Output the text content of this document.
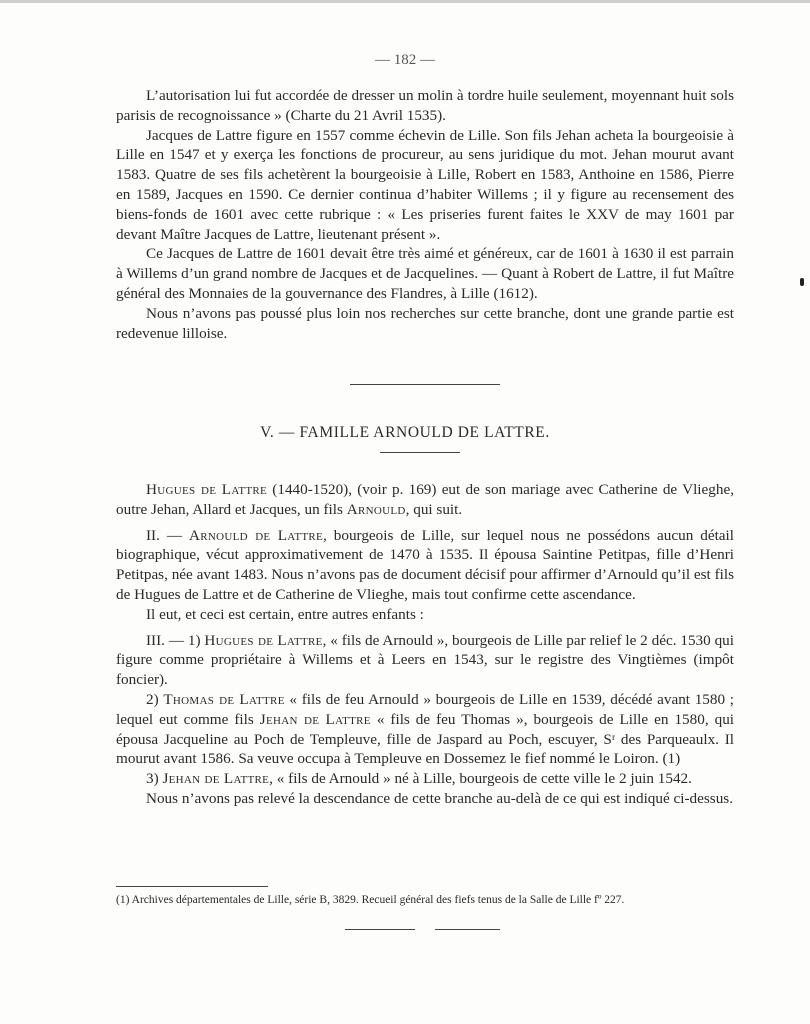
— 182 —

L’autorisation lui fut accordée de dresser un molin à tordre huile seulement, moyennant huit sols parisis de recognoissance » (Charte du 21 Avril 1535).

Jacques de Lattre figure en 1557 comme échevin de Lille. Son fils Jehan acheta la bourgeoisie à Lille en 1547 et y exerça les fonctions de procureur, au sens juridique du mot. Jehan mourut avant 1583. Quatre de ses fils achetèrent la bourgeoisie à Lille, Robert en 1583, Anthoine en 1586, Pierre en 1589, Jacques en 1590. Ce dernier continua d’habiter Willems ; il y figure au recensement des biens-fonds de 1601 avec cette rubrique : « Les priseries furent faites le XXV de may 1601 par devant Maître Jacques de Lattre, lieutenant présent ».

Ce Jacques de Lattre de 1601 devait être très aimé et généreux, car de 1601 à 1630 il est parrain à Willems d’un grand nombre de Jacques et de Jacquelines. — Quant à Robert de Lattre, il fut Maître général des Monnaies de la gouvernance des Flandres, à Lille (1612).

Nous n’avons pas poussé plus loin nos recherches sur cette branche, dont une grande partie est redevenue lilloise.

V. — FAMILLE ARNOULD DE LATTRE.

Hugues de Lattre (1440-1520), (voir p. 169) eut de son mariage avec Catherine de Vlieghe, outre Jehan, Allard et Jacques, un fils Arnould, qui suit.

II. — Arnould de Lattre, bourgeois de Lille, sur lequel nous ne possédons aucun détail biographique, vécut approximativement de 1470 à 1535. Il épousa Saintine Petitpas, fille d’Henri Petitpas, née avant 1483. Nous n’avons pas de document décisif pour affirmer d’Arnould qu’il est fils de Hugues de Lattre et de Catherine de Vlieghe, mais tout confirme cette ascendance.

Il eut, et ceci est certain, entre autres enfants :

III. — 1) Hugues de Lattre, « fils de Arnould », bourgeois de Lille par relief le 2 déc. 1530 qui figure comme propriétaire à Willems et à Leers en 1543, sur le registre des Vingtièmes (impôt foncier).

2) Thomas de Lattre « fils de feu Arnould » bourgeois de Lille en 1539, décédé avant 1580 ; lequel eut comme fils Jehan de Lattre « fils de feu Thomas », bourgeois de Lille en 1580, qui épousa Jacqueline au Poch de Templeuve, fille de Jaspard au Poch, escuyer, Sʳ des Parqueaulx. Il mourut avant 1586. Sa veuve occupa à Templeuve en Dossemez le fief nommé le Loiron. (1)

3) Jehan de Lattre, « fils de Arnould » né à Lille, bourgeois de cette ville le 2 juin 1542.

Nous n’avons pas relevé la descendance de cette branche au-delà de ce qui est indiqué ci-dessus.

(1) Archives départementales de Lille, série B, 3829. Recueil général des fiefs tenus de la Salle de Lille fº 227.
